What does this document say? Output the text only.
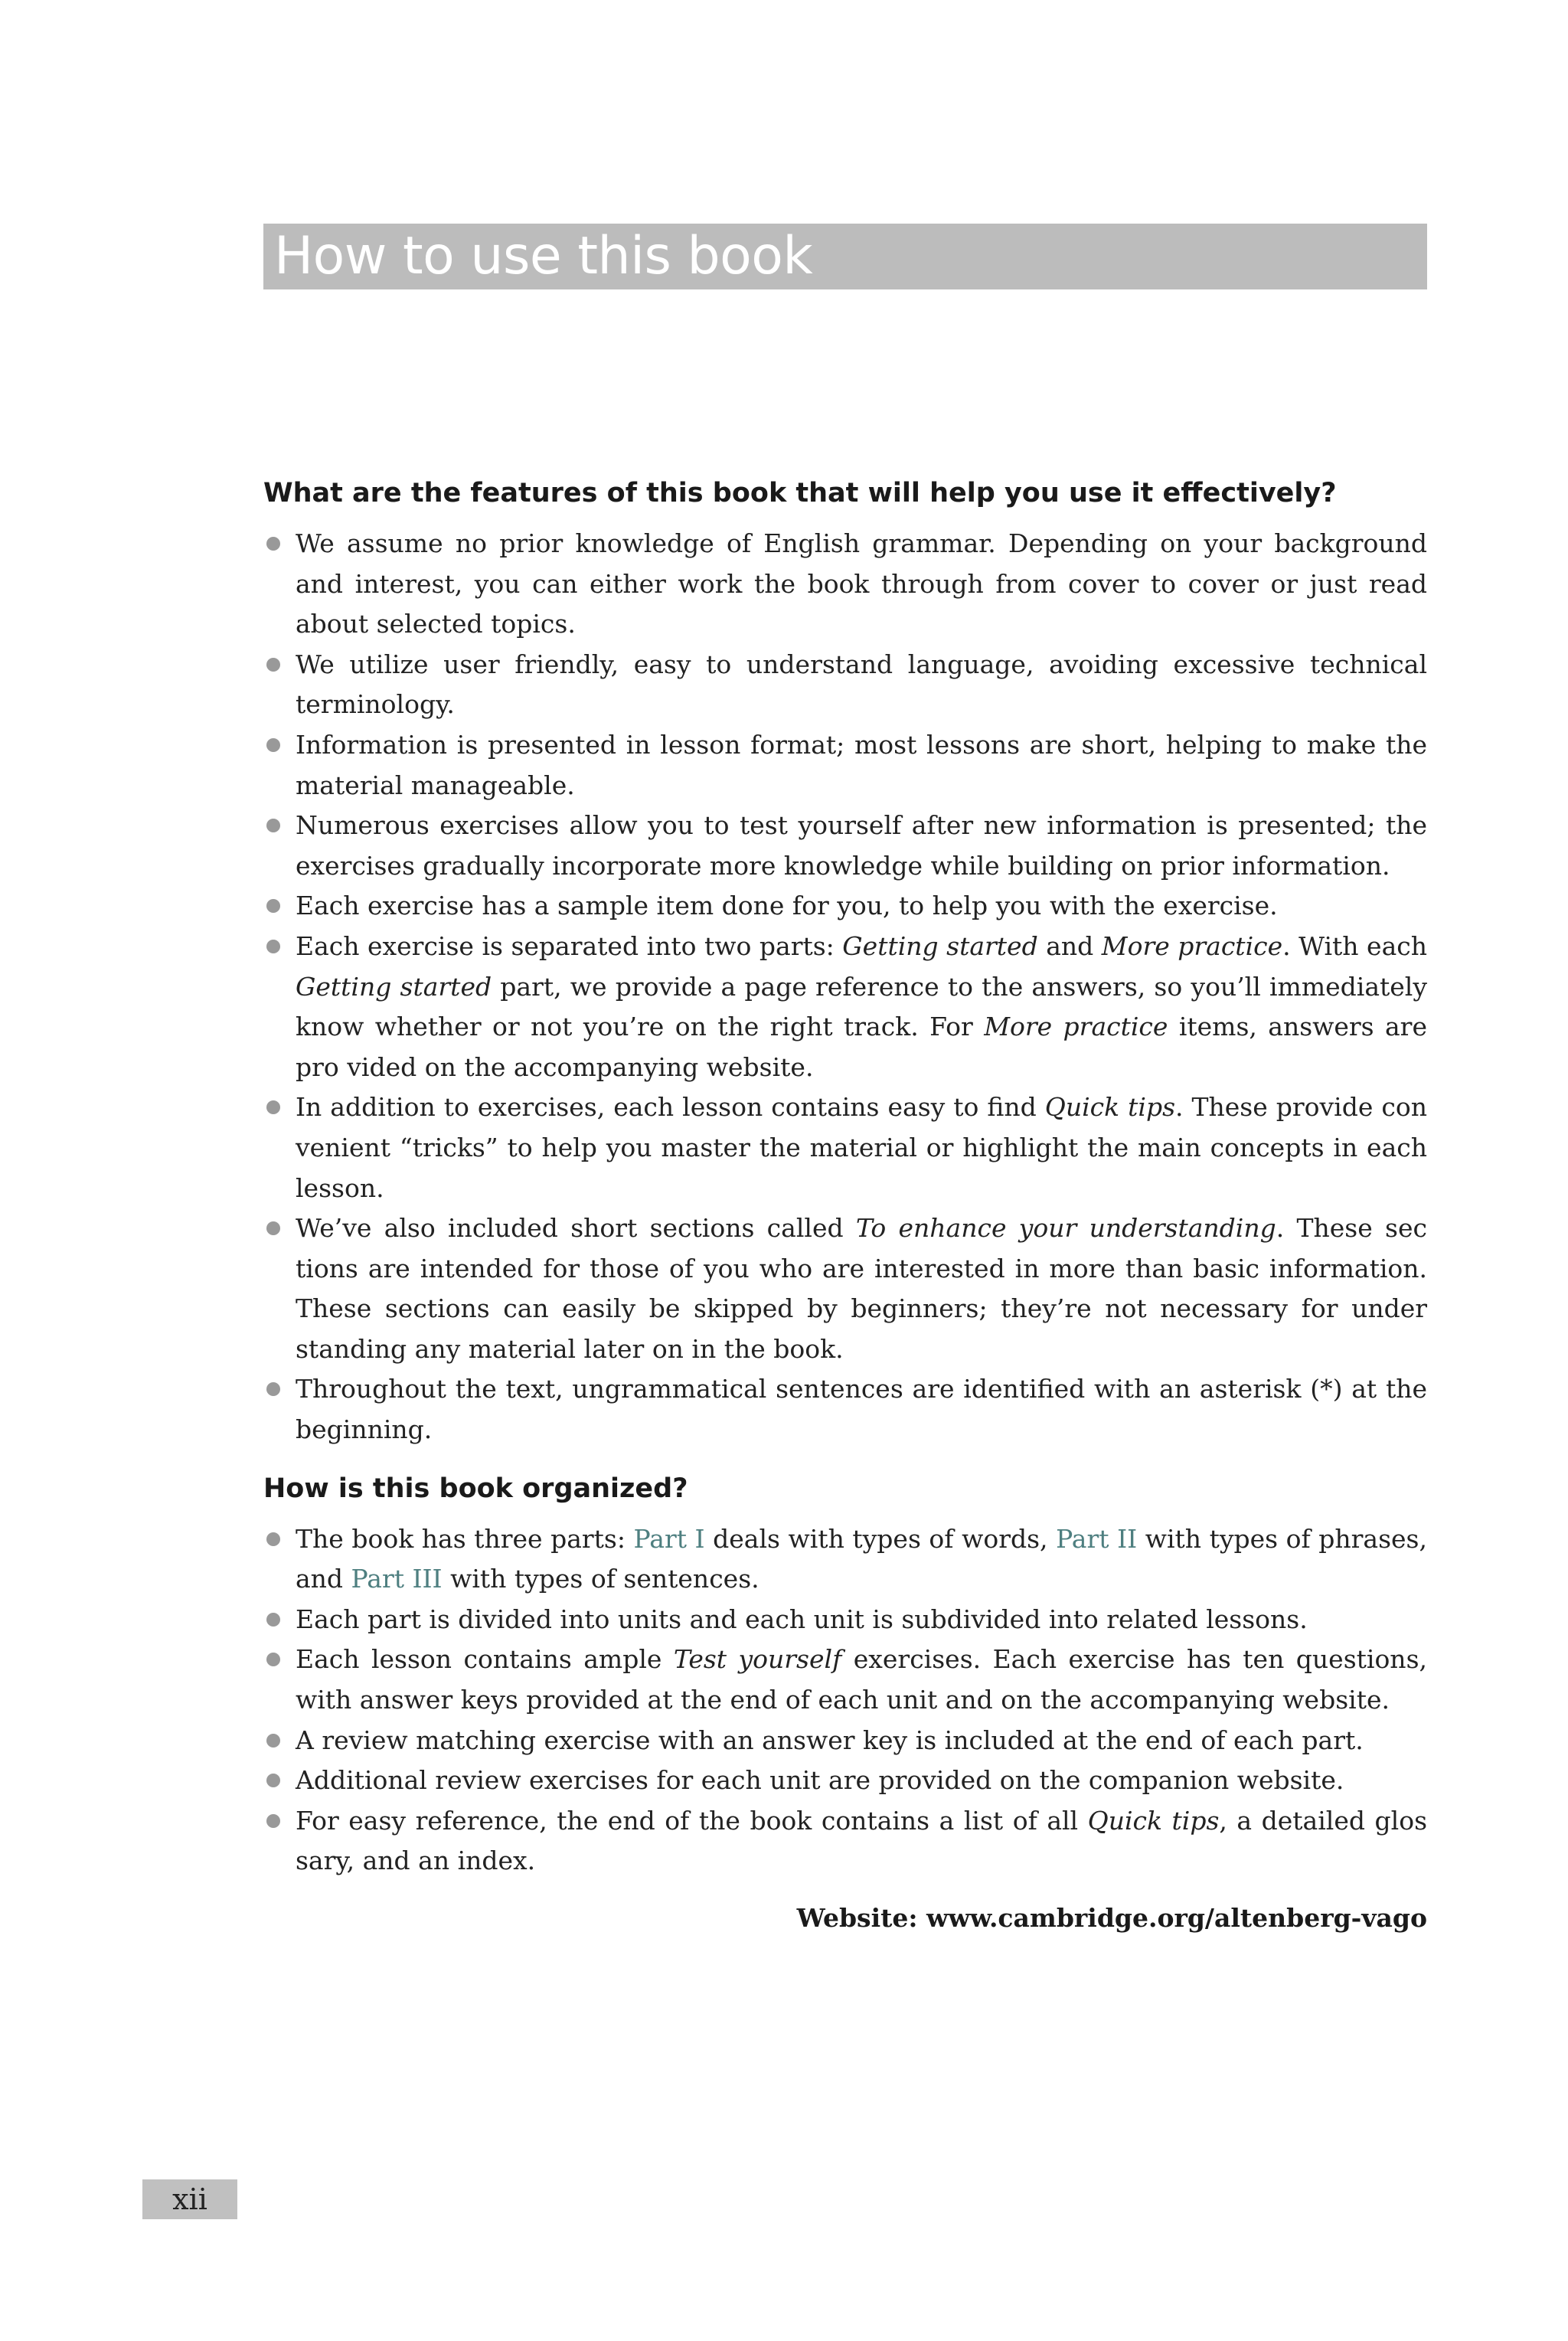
How to use this book
What are the features of this book that will help you use it effectively?
We assume no prior knowledge of English grammar. Depending on your background and interest, you can either work the book through from cover to cover or just read about selected topics.
We utilize user friendly, easy to understand language, avoiding excessive technical terminology.
Information is presented in lesson format; most lessons are short, helping to make the material manageable.
Numerous exercises allow you to test yourself after new information is presented; the exercises gradually incorporate more knowledge while building on prior information.
Each exercise has a sample item done for you, to help you with the exercise.
Each exercise is separated into two parts: Getting started and More practice. With each Getting started part, we provide a page reference to the answers, so you’ll immediately know whether or not you’re on the right track. For More practice items, answers are pro vided on the accompanying website.
In addition to exercises, each lesson contains easy to find Quick tips. These provide con venient “tricks” to help you master the material or highlight the main concepts in each lesson.
We’ve also included short sections called To enhance your understanding. These sec tions are intended for those of you who are interested in more than basic information. These sections can easily be skipped by beginners; they’re not necessary for under standing any material later on in the book.
Throughout the text, ungrammatical sentences are identified with an asterisk (*) at the beginning.
How is this book organized?
The book has three parts: Part I deals with types of words, Part II with types of phrases, and Part III with types of sentences.
Each part is divided into units and each unit is subdivided into related lessons.
Each lesson contains ample Test yourself exercises. Each exercise has ten questions, with answer keys provided at the end of each unit and on the accompanying website.
A review matching exercise with an answer key is included at the end of each part.
Additional review exercises for each unit are provided on the companion website.
For easy reference, the end of the book contains a list of all Quick tips, a detailed glos sary, and an index.
Website: www.cambridge.org/altenberg-vago
xii
